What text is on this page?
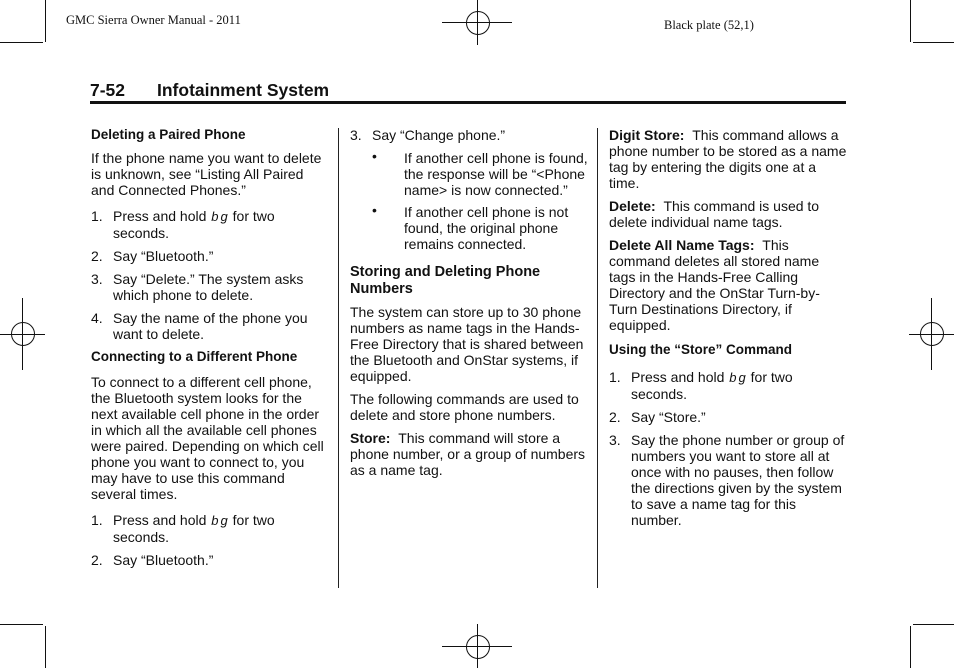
GMC Sierra Owner Manual - 2011	Black plate (52,1)
7-52 Infotainment System

Deleting a Paired Phone

If the phone name you want to delete is unknown, see “Listing All Paired and Connected Phones.”

1. Press and hold b g for two seconds.
2. Say “Bluetooth.”
3. Say “Delete.” The system asks which phone to delete.
4. Say the name of the phone you want to delete.

Connecting to a Different Phone

To connect to a different cell phone, the Bluetooth system looks for the next available cell phone in the order in which all the available cell phones were paired. Depending on which cell phone you want to connect to, you may have to use this command several times.

1. Press and hold b g for two seconds.
2. Say “Bluetooth.”
3. Say “Change phone.”
• If another cell phone is found, the response will be “<Phone name> is now connected.”
• If another cell phone is not found, the original phone remains connected.

Storing and Deleting Phone Numbers

The system can store up to 30 phone numbers as name tags in the Hands-Free Directory that is shared between the Bluetooth and OnStar systems, if equipped.

The following commands are used to delete and store phone numbers.

Store: This command will store a phone number, or a group of numbers as a name tag.

Digit Store: This command allows a phone number to be stored as a name tag by entering the digits one at a time.

Delete: This command is used to delete individual name tags.

Delete All Name Tags: This command deletes all stored name tags in the Hands-Free Calling Directory and the OnStar Turn-by-Turn Destinations Directory, if equipped.

Using the “Store” Command

1. Press and hold b g for two seconds.
2. Say “Store.”
3. Say the phone number or group of numbers you want to store all at once with no pauses, then follow the directions given by the system to save a name tag for this number.
